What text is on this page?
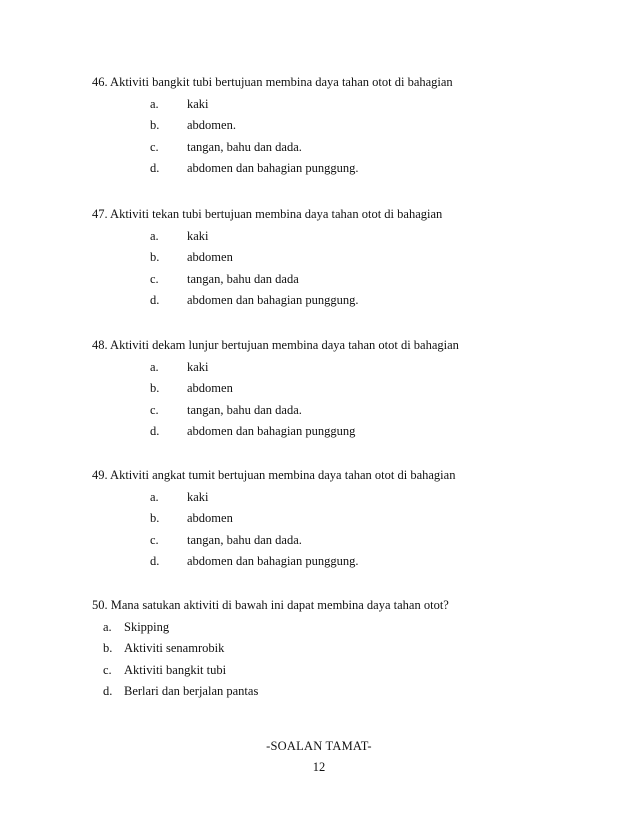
46. Aktiviti bangkit tubi bertujuan membina daya tahan otot di bahagian
a. kaki
b. abdomen.
c. tangan, bahu dan dada.
d. abdomen dan bahagian punggung.
47. Aktiviti tekan tubi bertujuan membina daya tahan otot di bahagian
a. kaki
b. abdomen
c. tangan, bahu dan dada
d. abdomen dan bahagian punggung.
48. Aktiviti dekam lunjur bertujuan membina daya tahan otot di bahagian
a. kaki
b. abdomen
c. tangan, bahu dan dada.
d. abdomen dan bahagian punggung
49. Aktiviti angkat tumit bertujuan membina daya tahan otot di bahagian
a. kaki
b. abdomen
c. tangan, bahu dan dada.
d. abdomen dan bahagian punggung.
50. Mana satukan aktiviti di bawah ini dapat membina daya tahan otot?
a. Skipping
b. Aktiviti senamrobik
c. Aktiviti bangkit tubi
d. Berlari dan berjalan pantas
-SOALAN TAMAT-
12
